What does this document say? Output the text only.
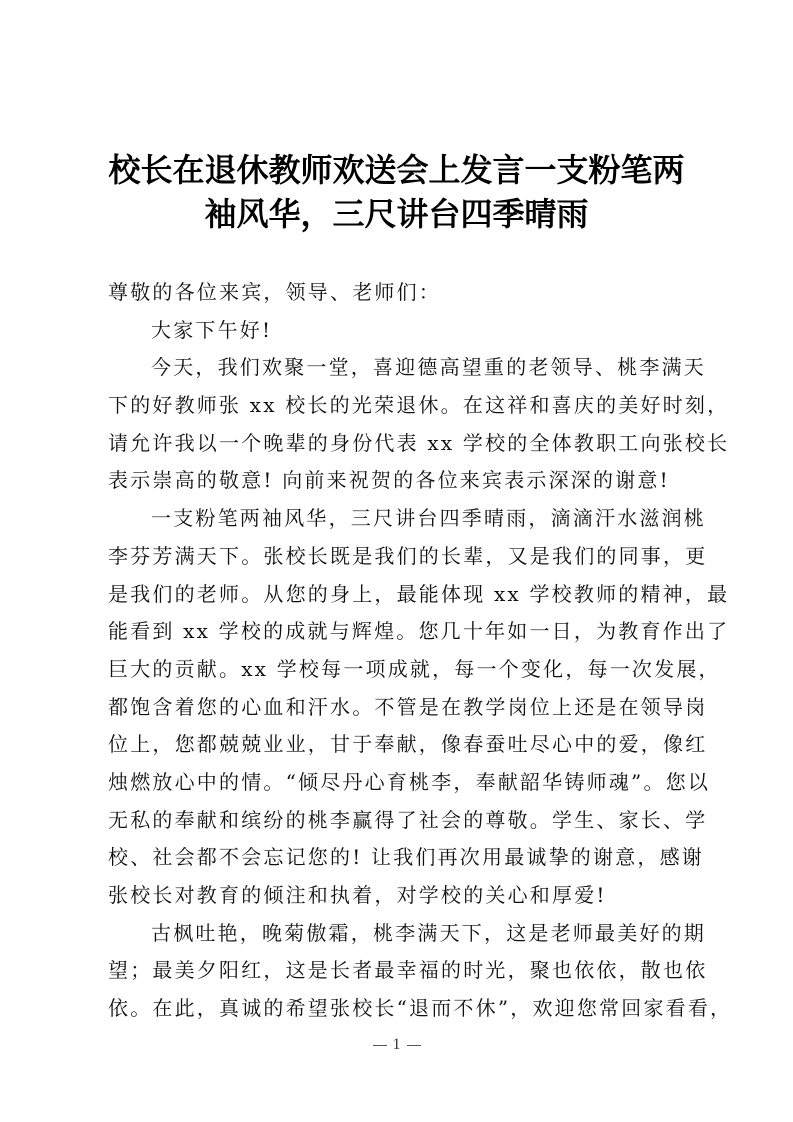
校长在退休教师欢送会上发言一支粉笔两
袖风华，三尺讲台四季晴雨
尊敬的各位来宾，领导、老师们：
大家下午好!
今天，我们欢聚一堂，喜迎德高望重的老领导、桃李满天
下的好教师张 xx 校长的光荣退休。在这祥和喜庆的美好时刻，
请允许我以一个晚辈的身份代表 xx 学校的全体教职工向张校长
表示崇高的敬意! 向前来祝贺的各位来宾表示深深的谢意!
一支粉笔两袖风华，三尺讲台四季晴雨，滴滴汗水滋润桃
李芬芳满天下。张校长既是我们的长辈，又是我们的同事，更
是我们的老师。从您的身上，最能体现 xx 学校教师的精神，最
能看到 xx 学校的成就与辉煌。您几十年如一日，为教育作出了
巨大的贡献。xx 学校每一项成就，每一个变化，每一次发展，
都饱含着您的心血和汗水。不管是在教学岗位上还是在领导岗
位上，您都兢兢业业，甘于奉献，像春蚕吐尽心中的爱，像红
烛燃放心中的情。“倾尽丹心育桃李，奉献韶华铸师魂”。您以
无私的奉献和缤纷的桃李赢得了社会的尊敬。学生、家长、学
校、社会都不会忘记您的! 让我们再次用最诚挚的谢意，感谢
张校长对教育的倾注和执着，对学校的关心和厚爱!
古枫吐艳，晚菊傲霜，桃李满天下，这是老师最美好的期
望；最美夕阳红，这是长者最幸福的时光，聚也依依，散也依
依。在此，真诚的希望张校长“退而不休”，欢迎您常回家看看，
1
